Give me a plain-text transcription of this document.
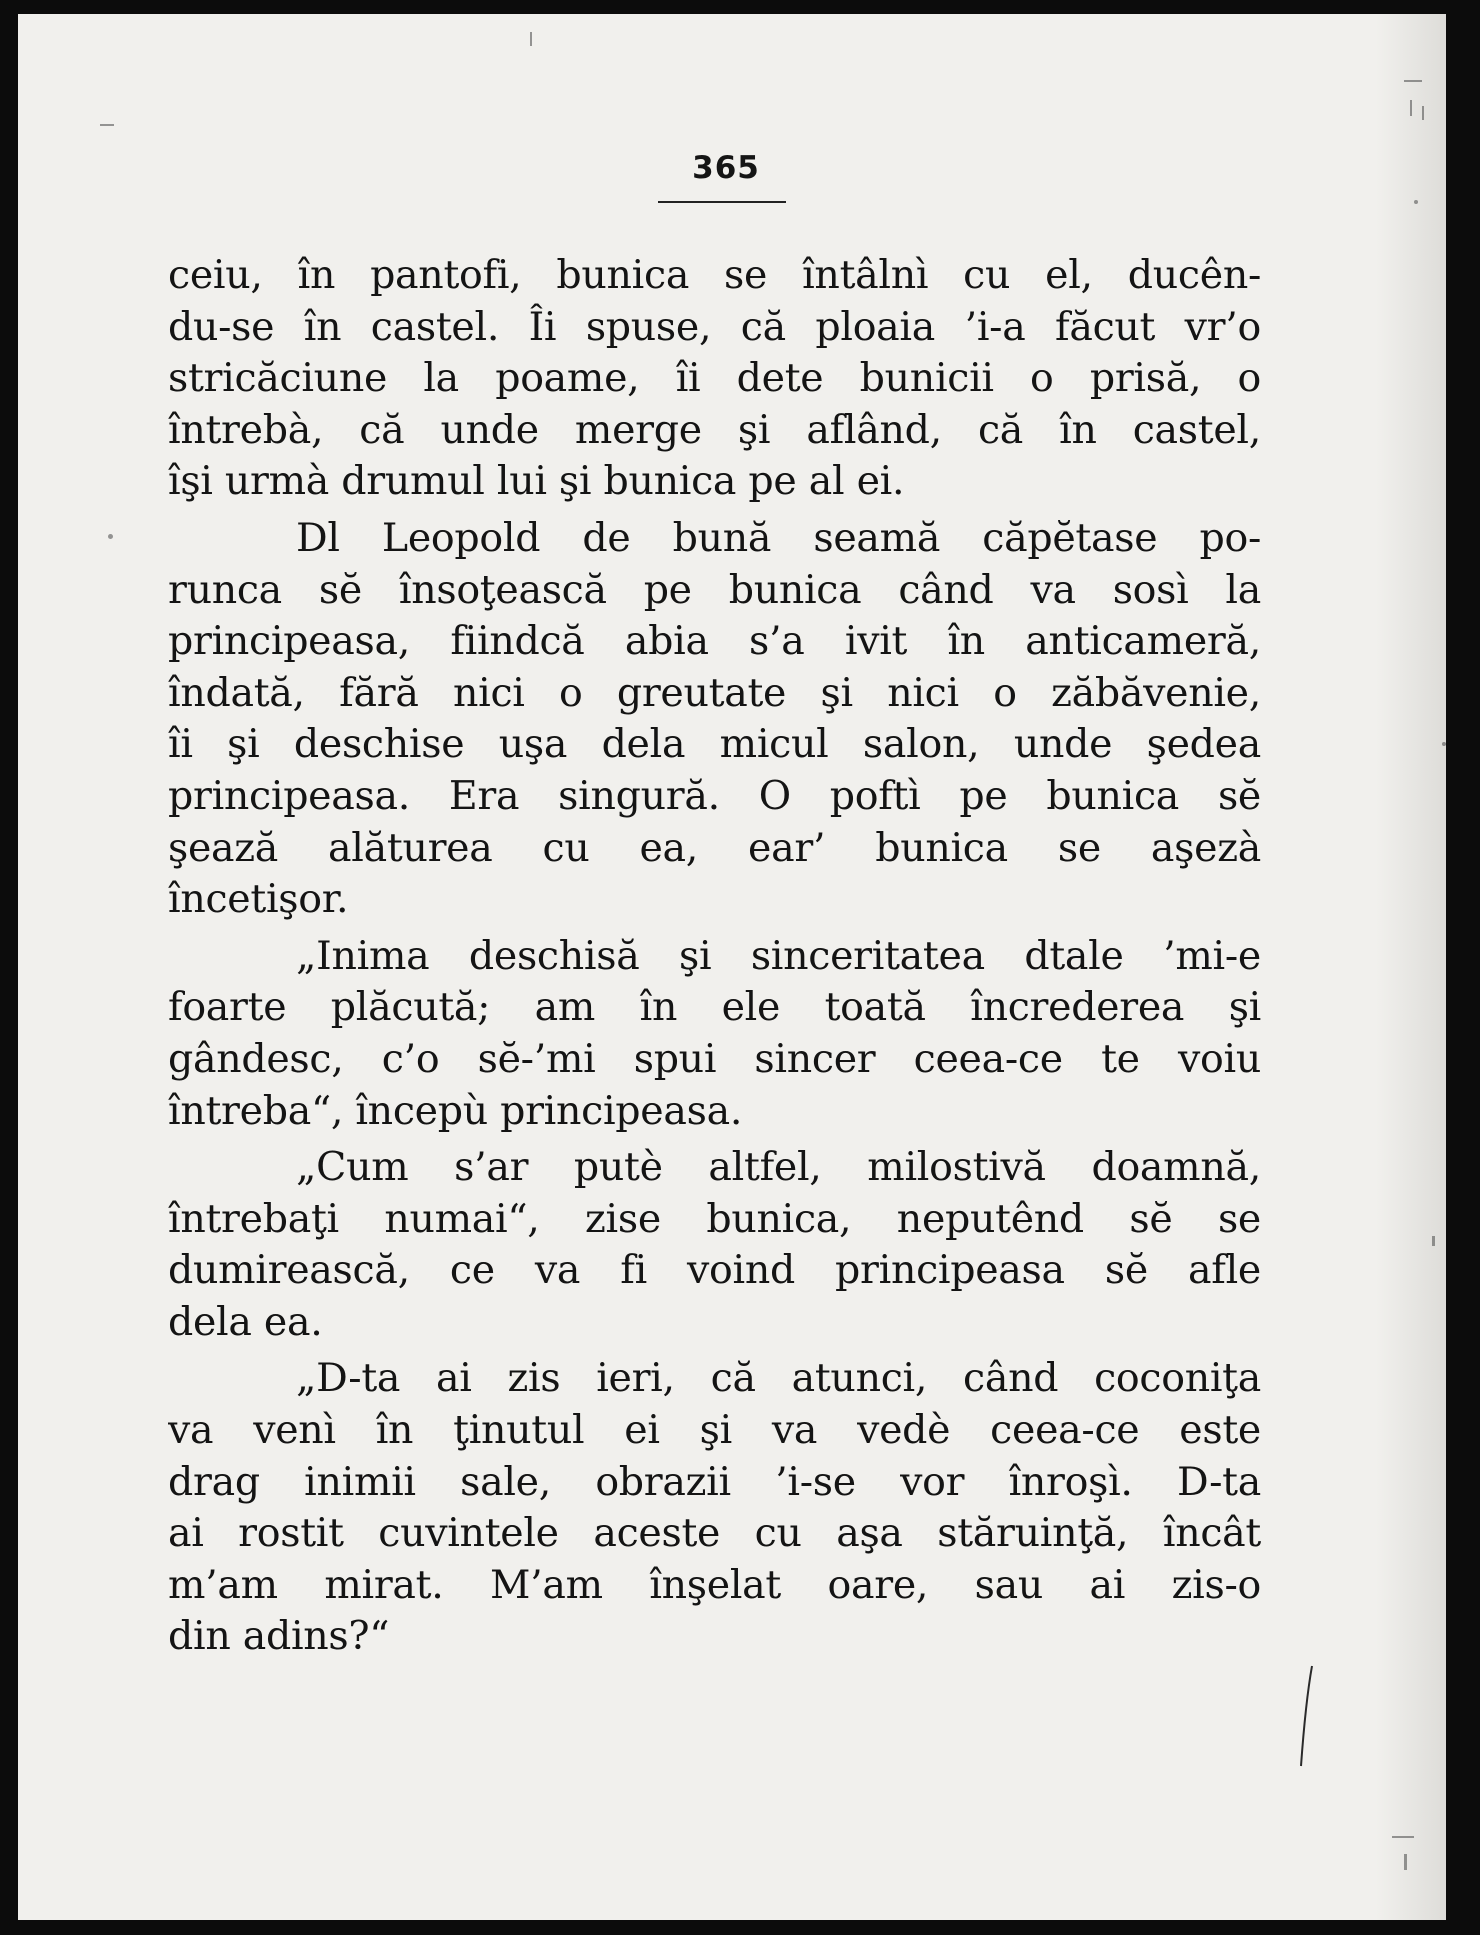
365
ceiu, în pantofi, bunica se întâlnì cu el, ducên-
du-se în castel. Îi spuse, că ploaia ’i-a făcut vr’o
stricăciune la poame, îi dete bunicii o prisă, o
întrebà, că unde merge şi aflând, că în castel,
îşi urmà drumul lui şi bunica pe al ei.
Dl Leopold de bună seamă căpĕtase po-
runca sĕ însoţească pe bunica când va sosì la
principeasa, fiindcă abia s’a ivit în anticameră,
îndată, fără nici o greutate şi nici o zăbăvenie,
îi şi deschise uşa dela micul salon, unde şedea
principeasa. Era singură. O poftì pe bunica sĕ
şează alăturea cu ea, ear’ bunica se aşezà
încetişor.
„Inima deschisă şi sinceritatea dtale ’mi-e
foarte plăcută; am în ele toată încrederea şi
gândesc, c’o sĕ-’mi spui sincer ceea-ce te voiu
întreba“, începù principeasa.
„Cum s’ar putè altfel, milostivă doamnă,
întrebaţi numai“, zise bunica, neputênd sĕ se
dumirească, ce va fi voind principeasa sĕ afle
dela ea.
„D-ta ai zis ieri, că atunci, când coconiţa
va venì în ţinutul ei şi va vedè ceea-ce este
drag inimii sale, obrazii ’i-se vor înroşì. D-ta
ai rostit cuvintele aceste cu aşa stăruinţă, încât
m’am mirat. M’am înşelat oare, sau ai zis-o
din adins?“
